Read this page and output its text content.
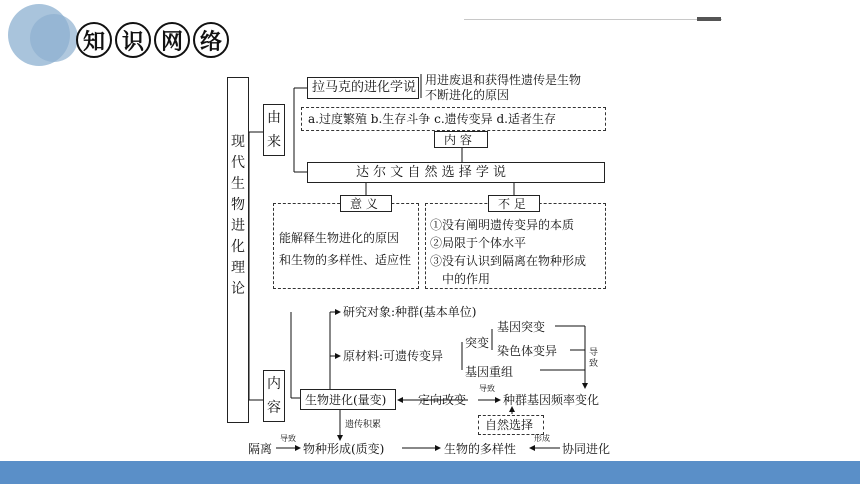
知 识 网 络
现
代
生
物
进
化
理
论
由
来
拉马克的进化学说 用进废退和获得性遗传是生物
不断进化的原因
a.过度繁殖 b.生存斗争 c.遗传变异 d.适者生存
内 容
达 尔 文 自 然 选 择 学 说
意 义
能解释生物进化的原因
和生物的多样性、适应性
不 足
①没有阐明遗传变异的本质
②局限于个体水平
③没有认识到隔离在物种形成
中的作用
内
容
研究对象:种群(基本单位)
原材料:可遗传变异
突变
基因突变
染色体变异
基因重组
导致
生物进化(量变)	定向改变
导致
种群基因频率变化
自然选择
遗传积累
隔离
导致
物种形成(质变)	生物的多样性
形成
协同进化
